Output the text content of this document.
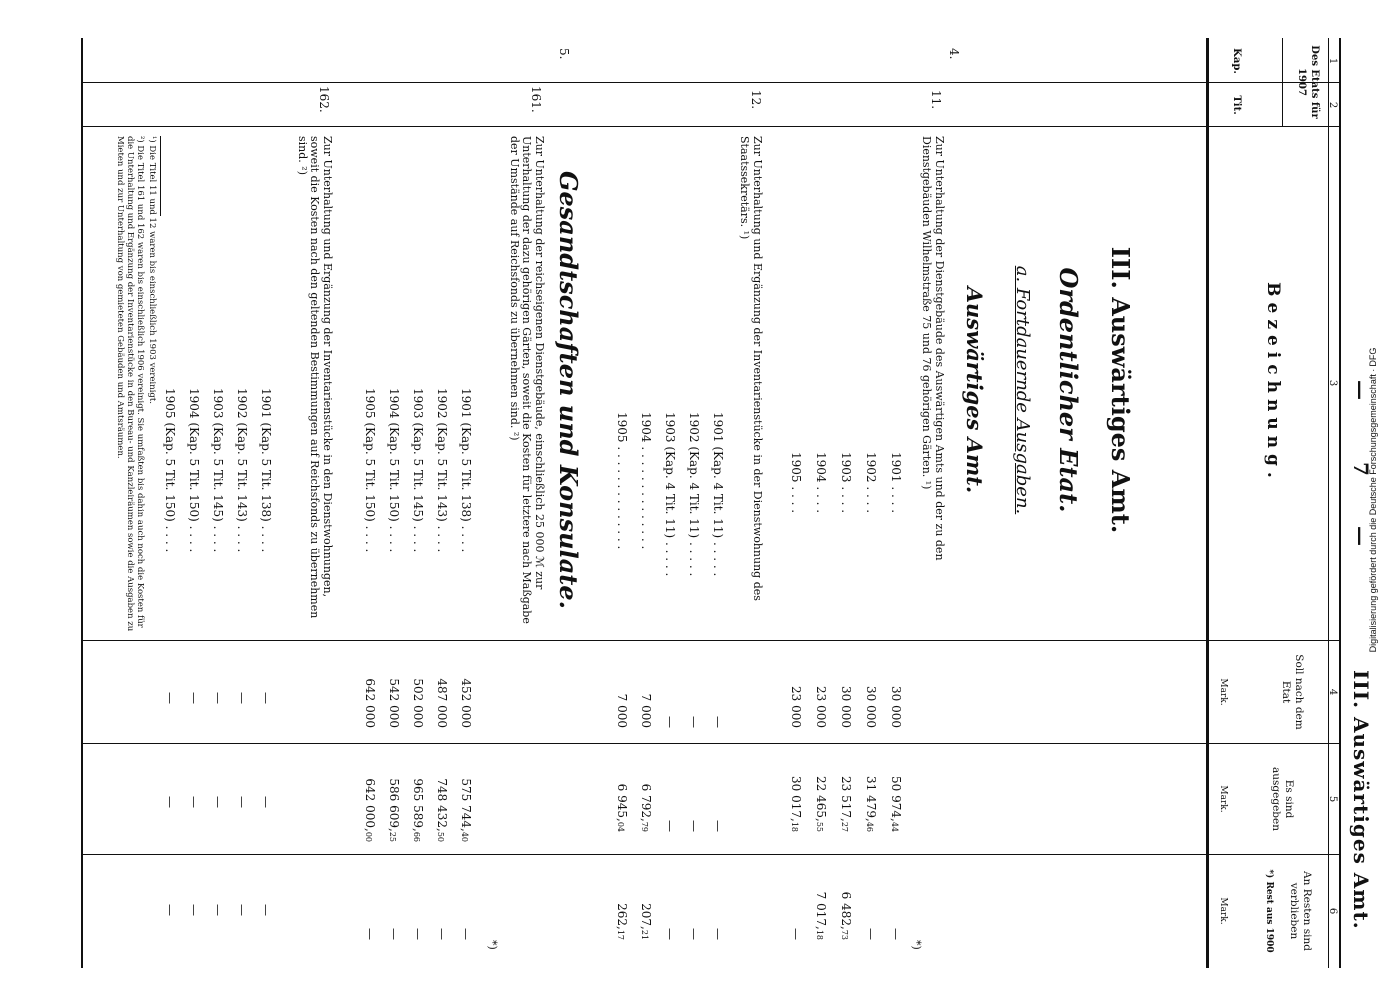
—
7
—
III. Auswärtiges Amt.
1
2
3
4
5
6
Des Etats für 1907
Kap.
Tit.
Bezeichnung.
Soll nach dem Etat
Es sind ausgegeben
An Resten sind verblieben
*) Rest aus 1900
Mark.
Mark.
Mark.
III. Auswärtiges Amt.
Ordentlicher Etat.
a. Fortdauernde Ausgaben.
Auswärtiges Amt.
4.
11.
Zur Unterhaltung der Dienstgebäude des Auswärtigen Amts und der zu den Dienstgebäuden Wilhelmstraße 75 und 76 gehörigen Gärten. ¹)
*)
1901 . . . .
1902 . . . .
1903 . . . .
1904 . . . .
1905 . . . .
30 000
30 000
30 000
23 000
23 000
50 974,44
31 479,46
23 517,27
22 465,55
30 017,18
—
—
6 482,73
7 017,18
—
12.
Zur Unterhaltung und Ergänzung der Inventarienstücke in der Dienstwohnung des Staatssekretärs. ¹)
1901 (Kap. 4 Tit. 11) . . . . .
1902 (Kap. 4 Tit. 11) . . . . .
1903 (Kap. 4 Tit. 11) . . . . .
1904 . . . . . . . . . . . . . .
1905 . . . . . . . . . . . . . .
—
—
—
7 000
7 000
—
—
—
6 792,79
6 945,04
—
—
—
207,21
262,17
Gesandtschaften und Konsulate.
5.
161.
Zur Unterhaltung der reichseigenen Dienstgebäude, einschließlich 25 000 ℳ zur Unterhaltung der dazu gehörigen Gärten, soweit die Kosten für letztere nach Maßgabe der Umstände auf Reichsfonds zu übernehmen sind. ²)
*)
1901 (Kap. 5 Tit. 138) . . . .
1902 (Kap. 5 Tit. 143) . . . .
1903 (Kap. 5 Tit. 145) . . . .
1904 (Kap. 5 Tit. 150) . . . .
1905 (Kap. 5 Tit. 150) . . . .
452 000
487 000
502 000
542 000
642 000
575 744,40
748 432,50
965 589,66
586 609,25
642 000,00
—
—
—
—
—
162.
Zur Unterhaltung und Ergänzung der Inventarienstücke in den Dienstwohnungen, soweit die Kosten nach den geltenden Bestimmungen auf Reichsfonds zu übernehmen sind. ²)
1901 (Kap. 5 Tit. 138) . . . .
1902 (Kap. 5 Tit. 143) . . . .
1903 (Kap. 5 Tit. 145) . . . .
1904 (Kap. 5 Tit. 150) . . . .
1905 (Kap. 5 Tit. 150) . . . .
—
—
—
—
—
—
—
—
—
—
—
—
—
—
—
¹) Die Titel 11 und 12 waren bis einschließlich 1903 vereinigt.
²) Die Titel 161 und 162 waren bis einschließlich 1906 vereinigt. Sie umfaßten bis dahin auch noch die Kosten für die Unterhaltung und Ergänzung der Inventarienstücke in den Bureau- und Kanzleiräumen sowie die Ausgaben zu Mieten und zur Unterhaltung von gemieteten Gebäuden und Amtsräumen.
Digitalisierung gefördert durch die Deutsche Forschungsgemeinschaft ∙ DFG
